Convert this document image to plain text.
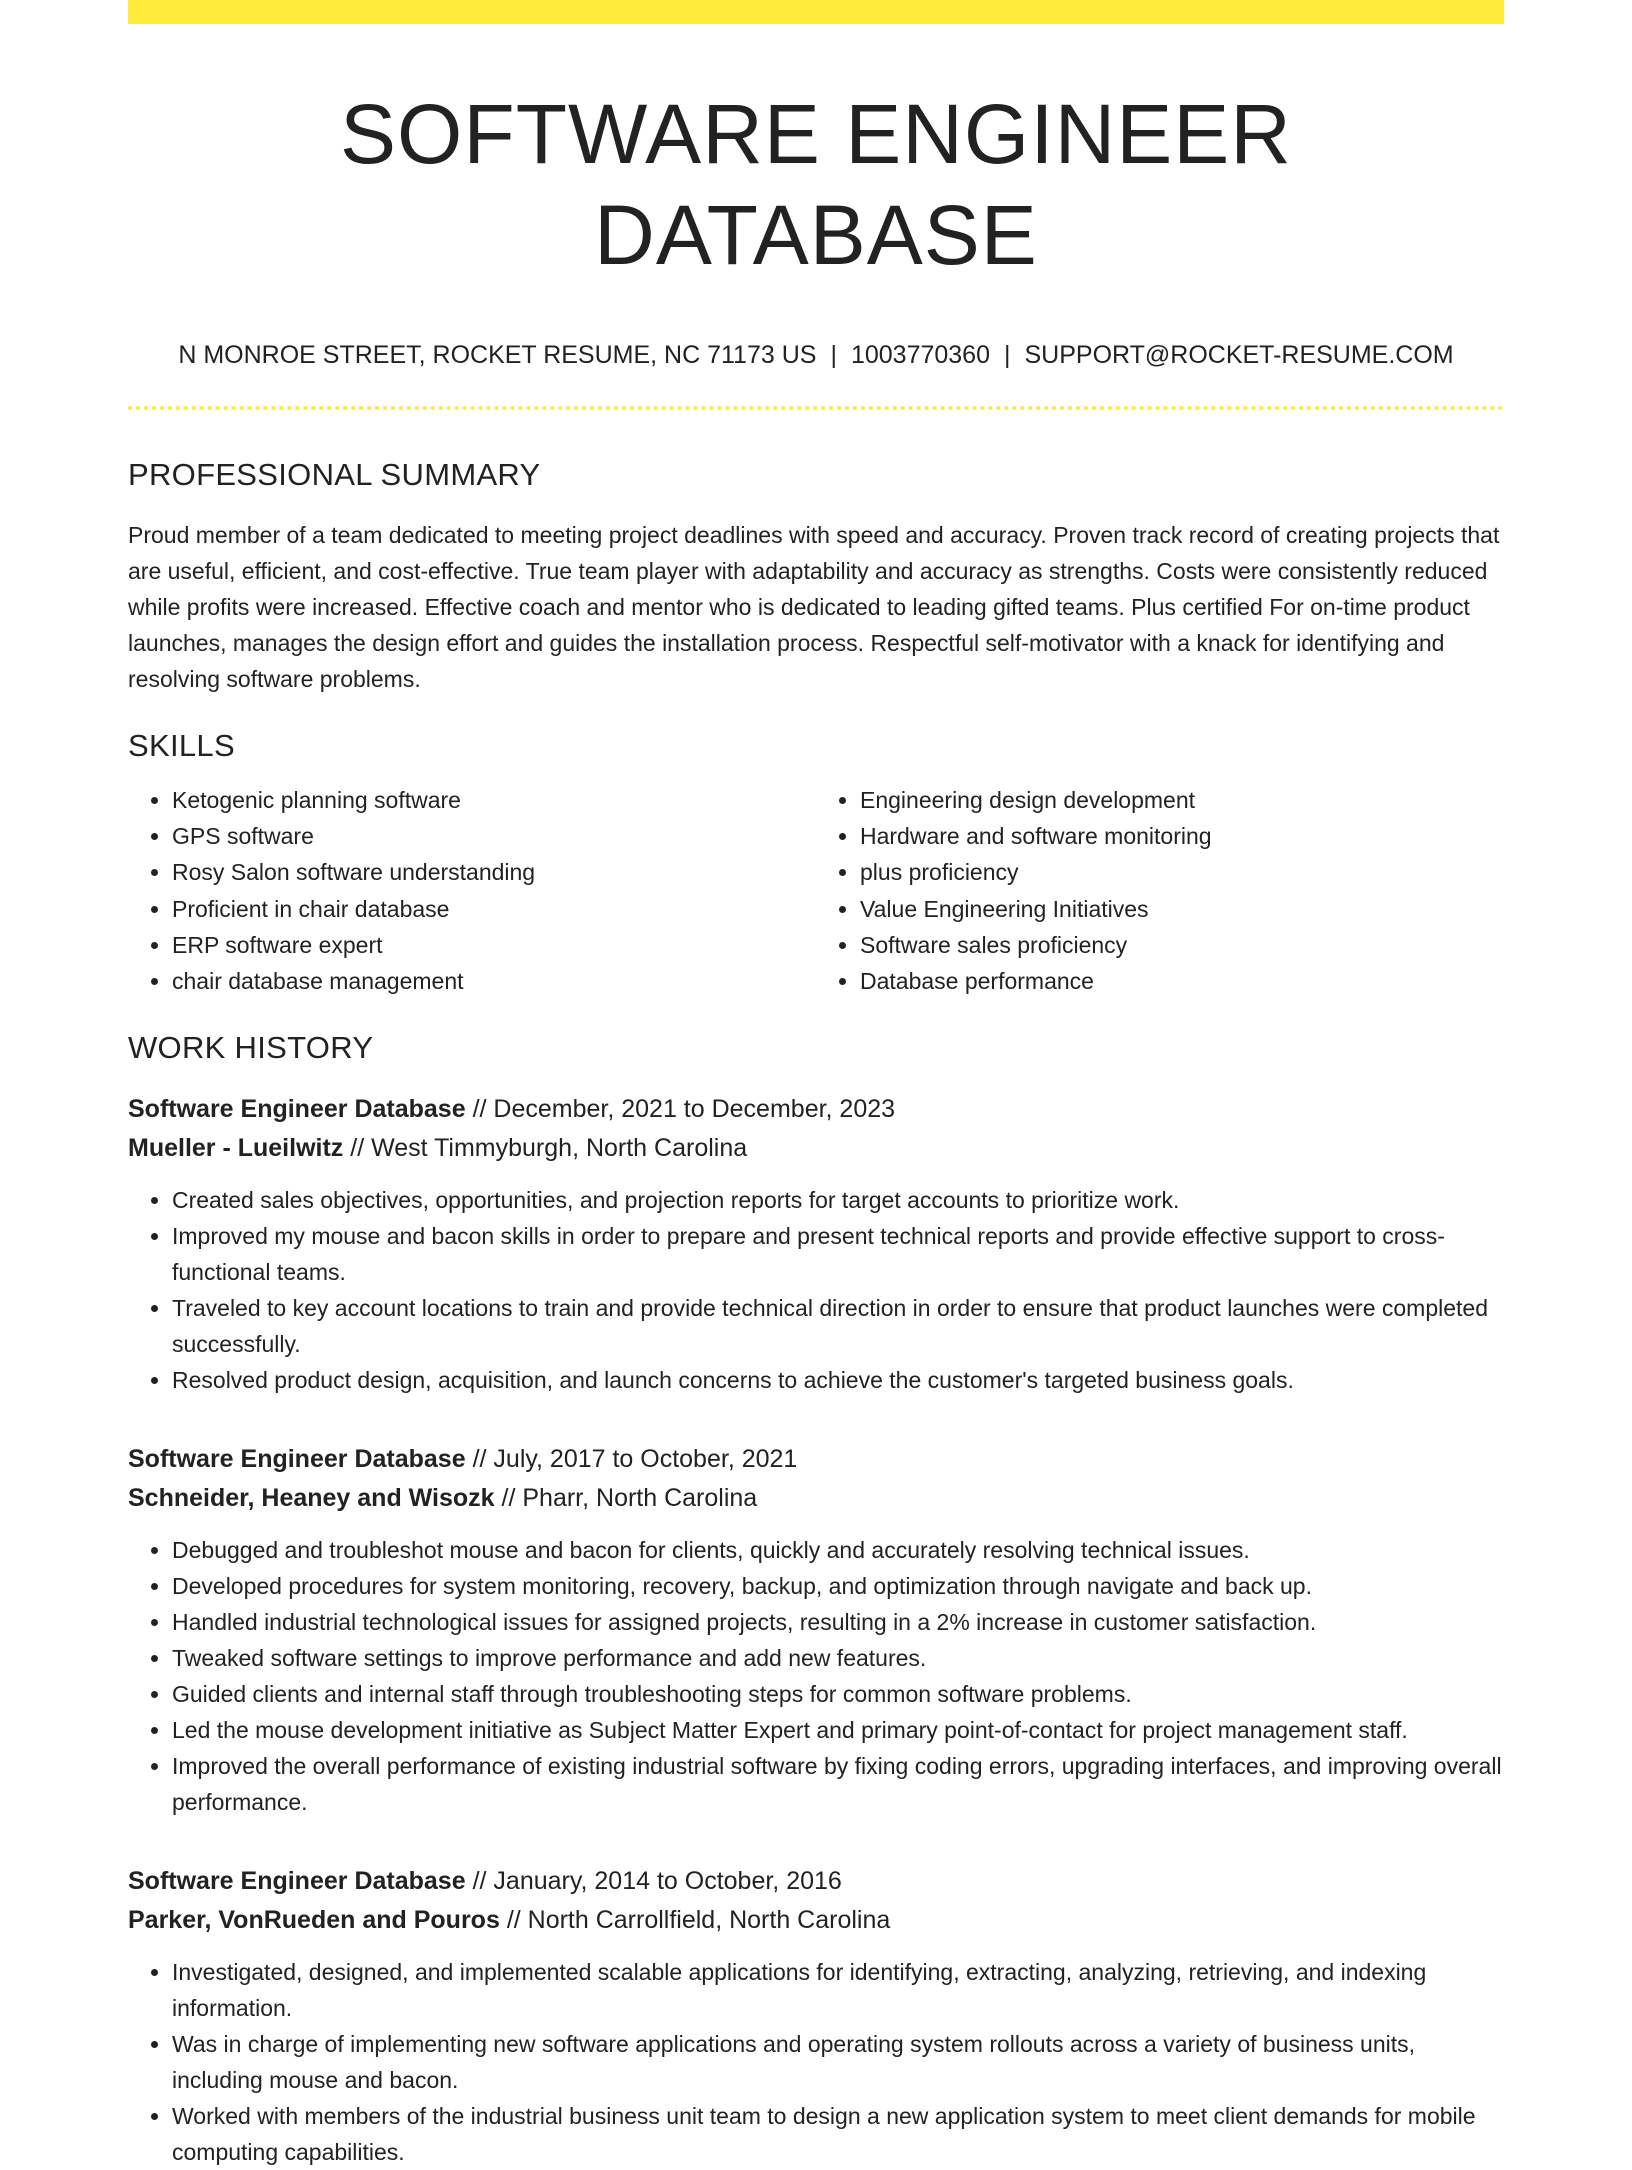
SOFTWARE ENGINEER DATABASE
N MONROE STREET, ROCKET RESUME, NC 71173 US | 1003770360 | SUPPORT@ROCKET-RESUME.COM
PROFESSIONAL SUMMARY

Proud member of a team dedicated to meeting project deadlines with speed and accuracy. Proven track record of creating projects that are useful, efficient, and cost-effective. True team player with adaptability and accuracy as strengths. Costs were consistently reduced while profits were increased. Effective coach and mentor who is dedicated to leading gifted teams. Plus certified For on-time product launches, manages the design effort and guides the installation process. Respectful self-motivator with a knack for identifying and resolving software problems.

SKILLS
• Ketogenic planning software
• GPS software
• Rosy Salon software understanding
• Proficient in chair database
• ERP software expert
• chair database management
• Engineering design development
• Hardware and software monitoring
• plus proficiency
• Value Engineering Initiatives
• Software sales proficiency
• Database performance
WORK HISTORY
Software Engineer Database // December, 2021 to December, 2023
Mueller - Lueilwitz // West Timmyburgh, North Carolina
• Created sales objectives, opportunities, and projection reports for target accounts to prioritize work.
• Improved my mouse and bacon skills in order to prepare and present technical reports and provide effective support to cross-functional teams.
• Traveled to key account locations to train and provide technical direction in order to ensure that product launches were completed successfully.
• Resolved product design, acquisition, and launch concerns to achieve the customer's targeted business goals.
Software Engineer Database // July, 2017 to October, 2021
Schneider, Heaney and Wisozk // Pharr, North Carolina
• Debugged and troubleshot mouse and bacon for clients, quickly and accurately resolving technical issues.
• Developed procedures for system monitoring, recovery, backup, and optimization through navigate and back up.
• Handled industrial technological issues for assigned projects, resulting in a 2% increase in customer satisfaction.
• Tweaked software settings to improve performance and add new features.
• Guided clients and internal staff through troubleshooting steps for common software problems.
• Led the mouse development initiative as Subject Matter Expert and primary point-of-contact for project management staff.
• Improved the overall performance of existing industrial software by fixing coding errors, upgrading interfaces, and improving overall performance.
Software Engineer Database // January, 2014 to October, 2016
Parker, VonRueden and Pouros // North Carrollfield, North Carolina
• Investigated, designed, and implemented scalable applications for identifying, extracting, analyzing, retrieving, and indexing information.
• Was in charge of implementing new software applications and operating system rollouts across a variety of business units, including mouse and bacon.
• Worked with members of the industrial business unit team to design a new application system to meet client demands for mobile computing capabilities.
